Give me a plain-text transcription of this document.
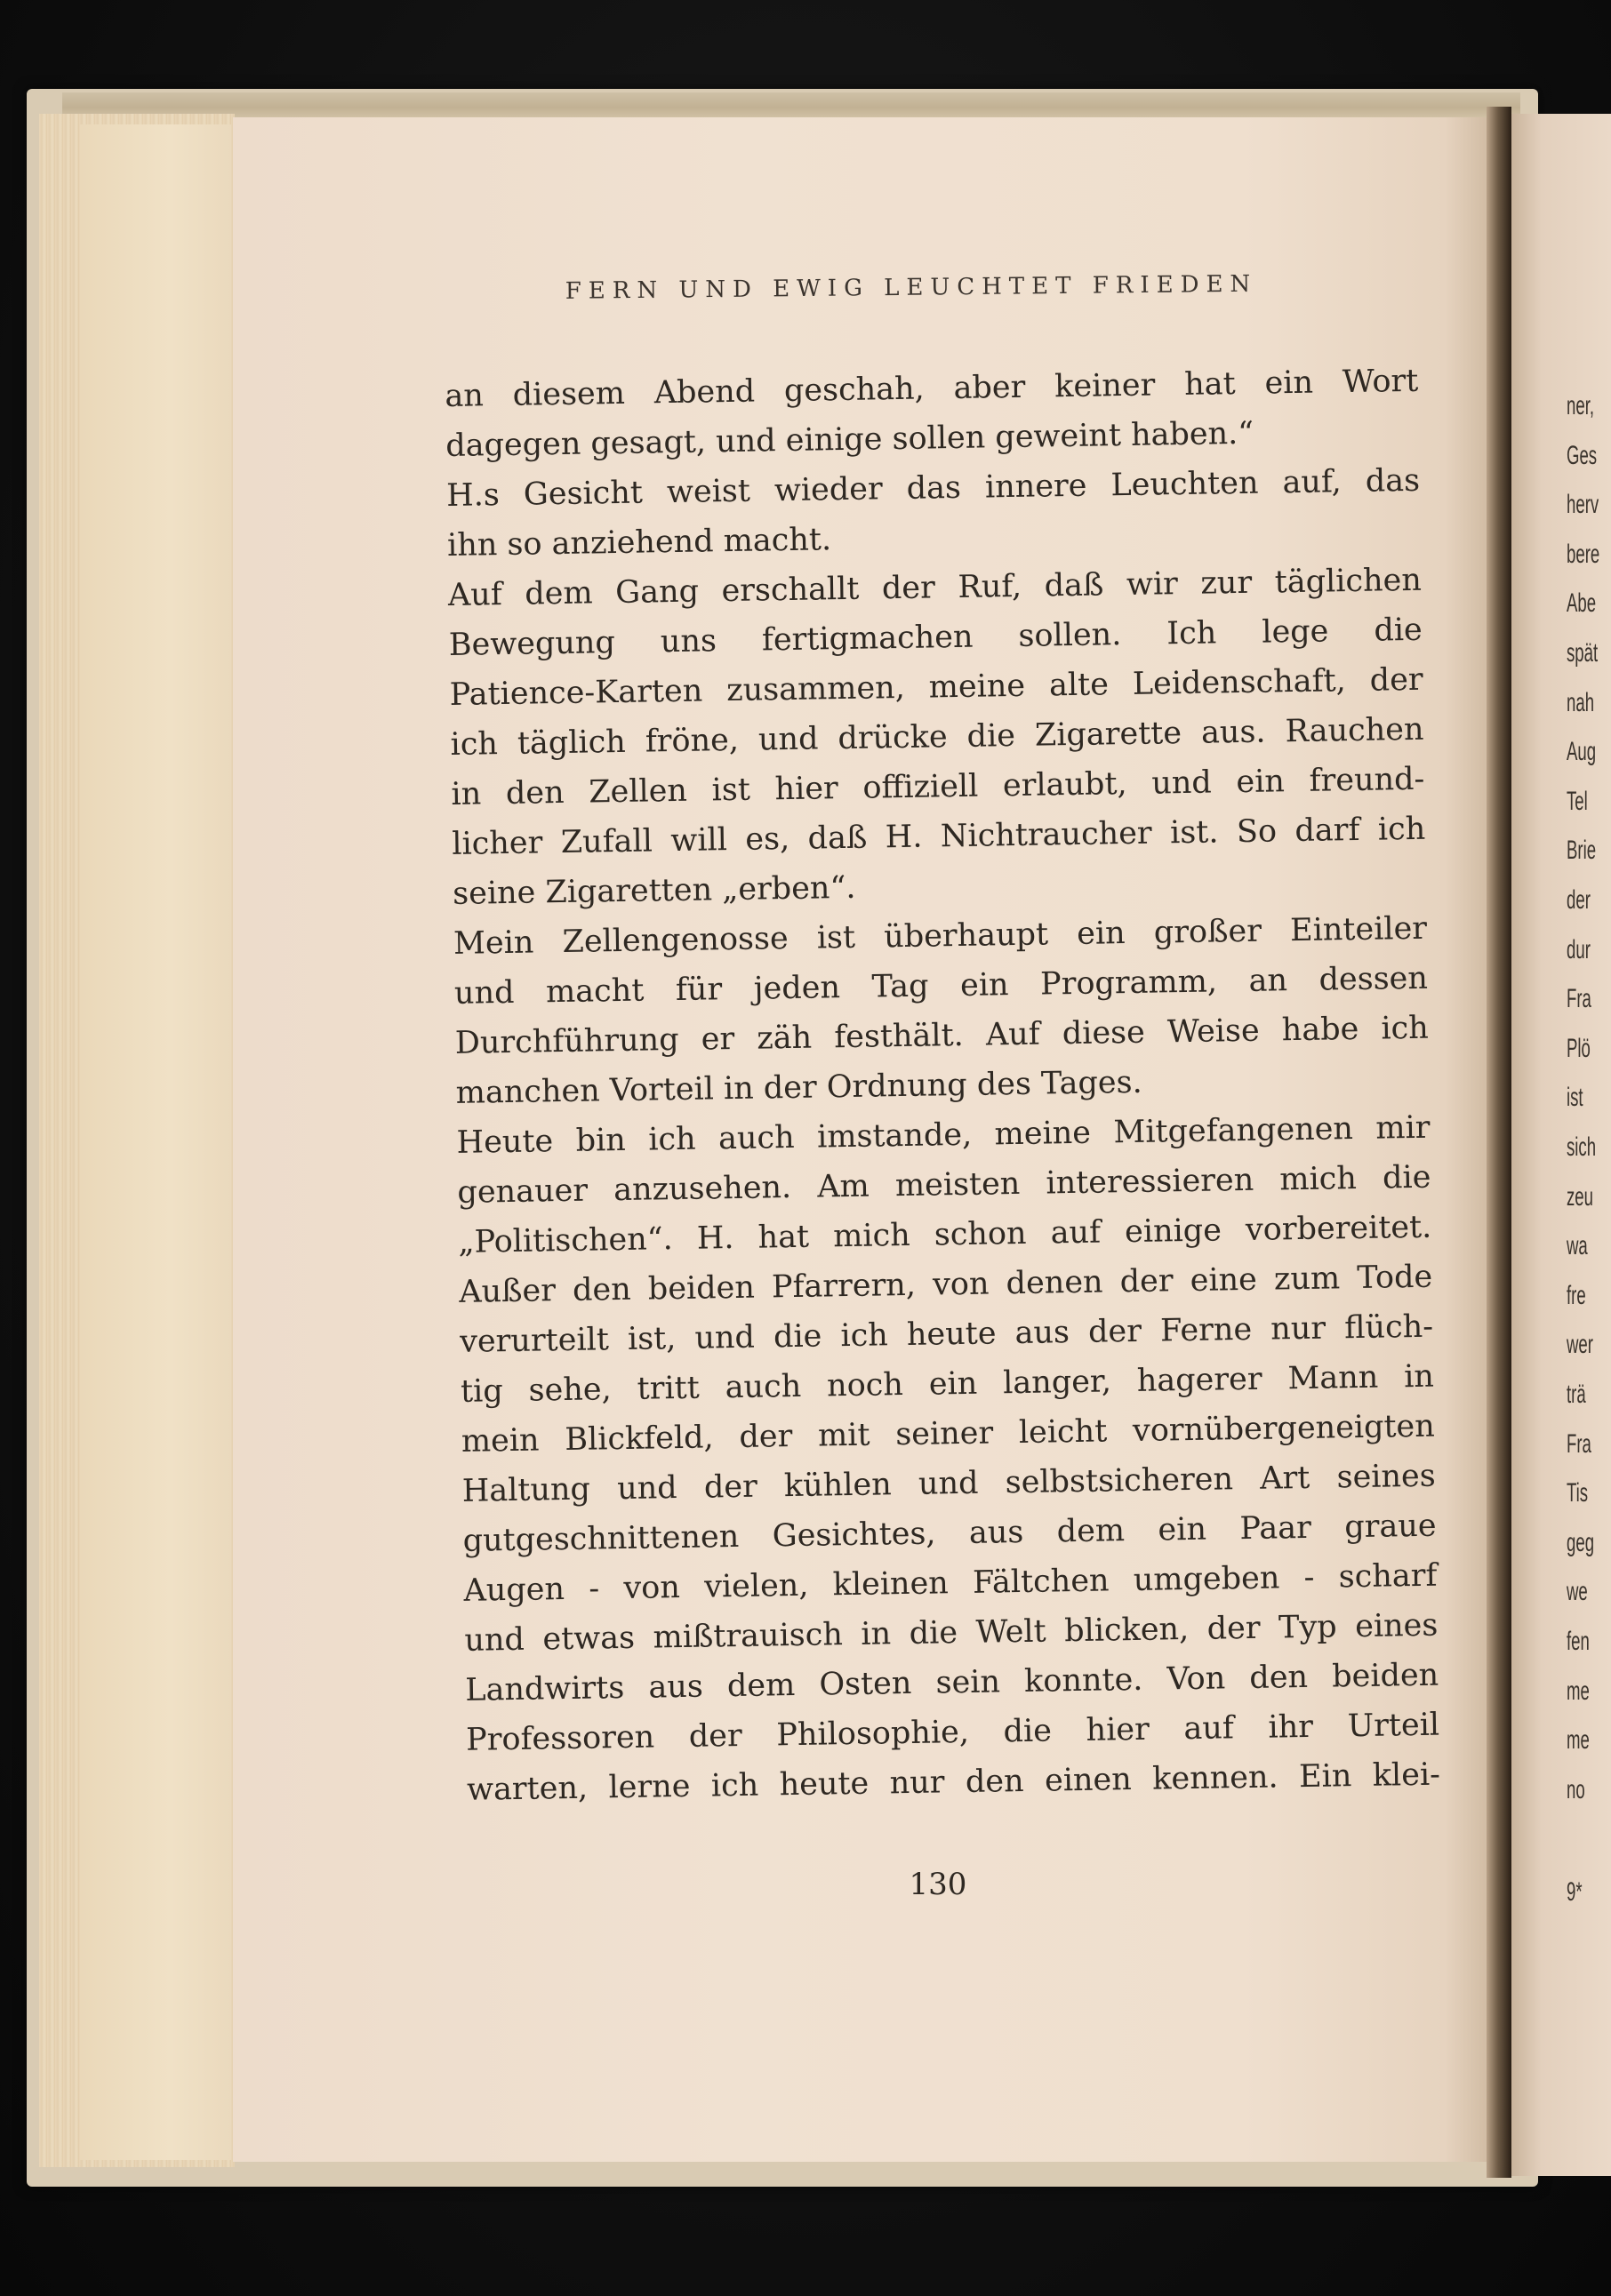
ner,
Ges
herv
bere
Abe
spät
nah
Aug
Tel
Brie
der
dur
Fra
Plö
ist
sich
zeu
wa
fre
wer
trä
Fra
Tis
geg
we
fen
me
me
no
9*
FERN UND EWIG LEUCHTET FRIEDEN
an diesem Abend geschah, aber keiner hat ein Wort
dagegen gesagt, und einige sollen geweint haben.“
H.s Gesicht weist wieder das innere Leuchten auf, das
ihn so anziehend macht.
Auf dem Gang erschallt der Ruf, daß wir zur täglichen
Bewegung uns fertigmachen sollen. Ich lege die
Patience-Karten zusammen, meine alte Leidenschaft, der
ich täglich fröne, und drücke die Zigarette aus. Rauchen
in den Zellen ist hier offiziell erlaubt, und ein freund-
licher Zufall will es, daß H. Nichtraucher ist. So darf ich
seine Zigaretten „erben“.
Mein Zellengenosse ist überhaupt ein großer Einteiler
und macht für jeden Tag ein Programm, an dessen
Durchführung er zäh festhält. Auf diese Weise habe ich
manchen Vorteil in der Ordnung des Tages.
Heute bin ich auch imstande, meine Mitgefangenen mir
genauer anzusehen. Am meisten interessieren mich die
„Politischen“. H. hat mich schon auf einige vorbereitet.
Außer den beiden Pfarrern, von denen der eine zum Tode
verurteilt ist, und die ich heute aus der Ferne nur flüch-
tig sehe, tritt auch noch ein langer, hagerer Mann in
mein Blickfeld, der mit seiner leicht vornübergeneigten
Haltung und der kühlen und selbstsicheren Art seines
gutgeschnittenen Gesichtes, aus dem ein Paar graue
Augen - von vielen, kleinen Fältchen umgeben - scharf
und etwas mißtrauisch in die Welt blicken, der Typ eines
Landwirts aus dem Osten sein konnte. Von den beiden
Professoren der Philosophie, die hier auf ihr Urteil
warten, lerne ich heute nur den einen kennen. Ein klei-
130
